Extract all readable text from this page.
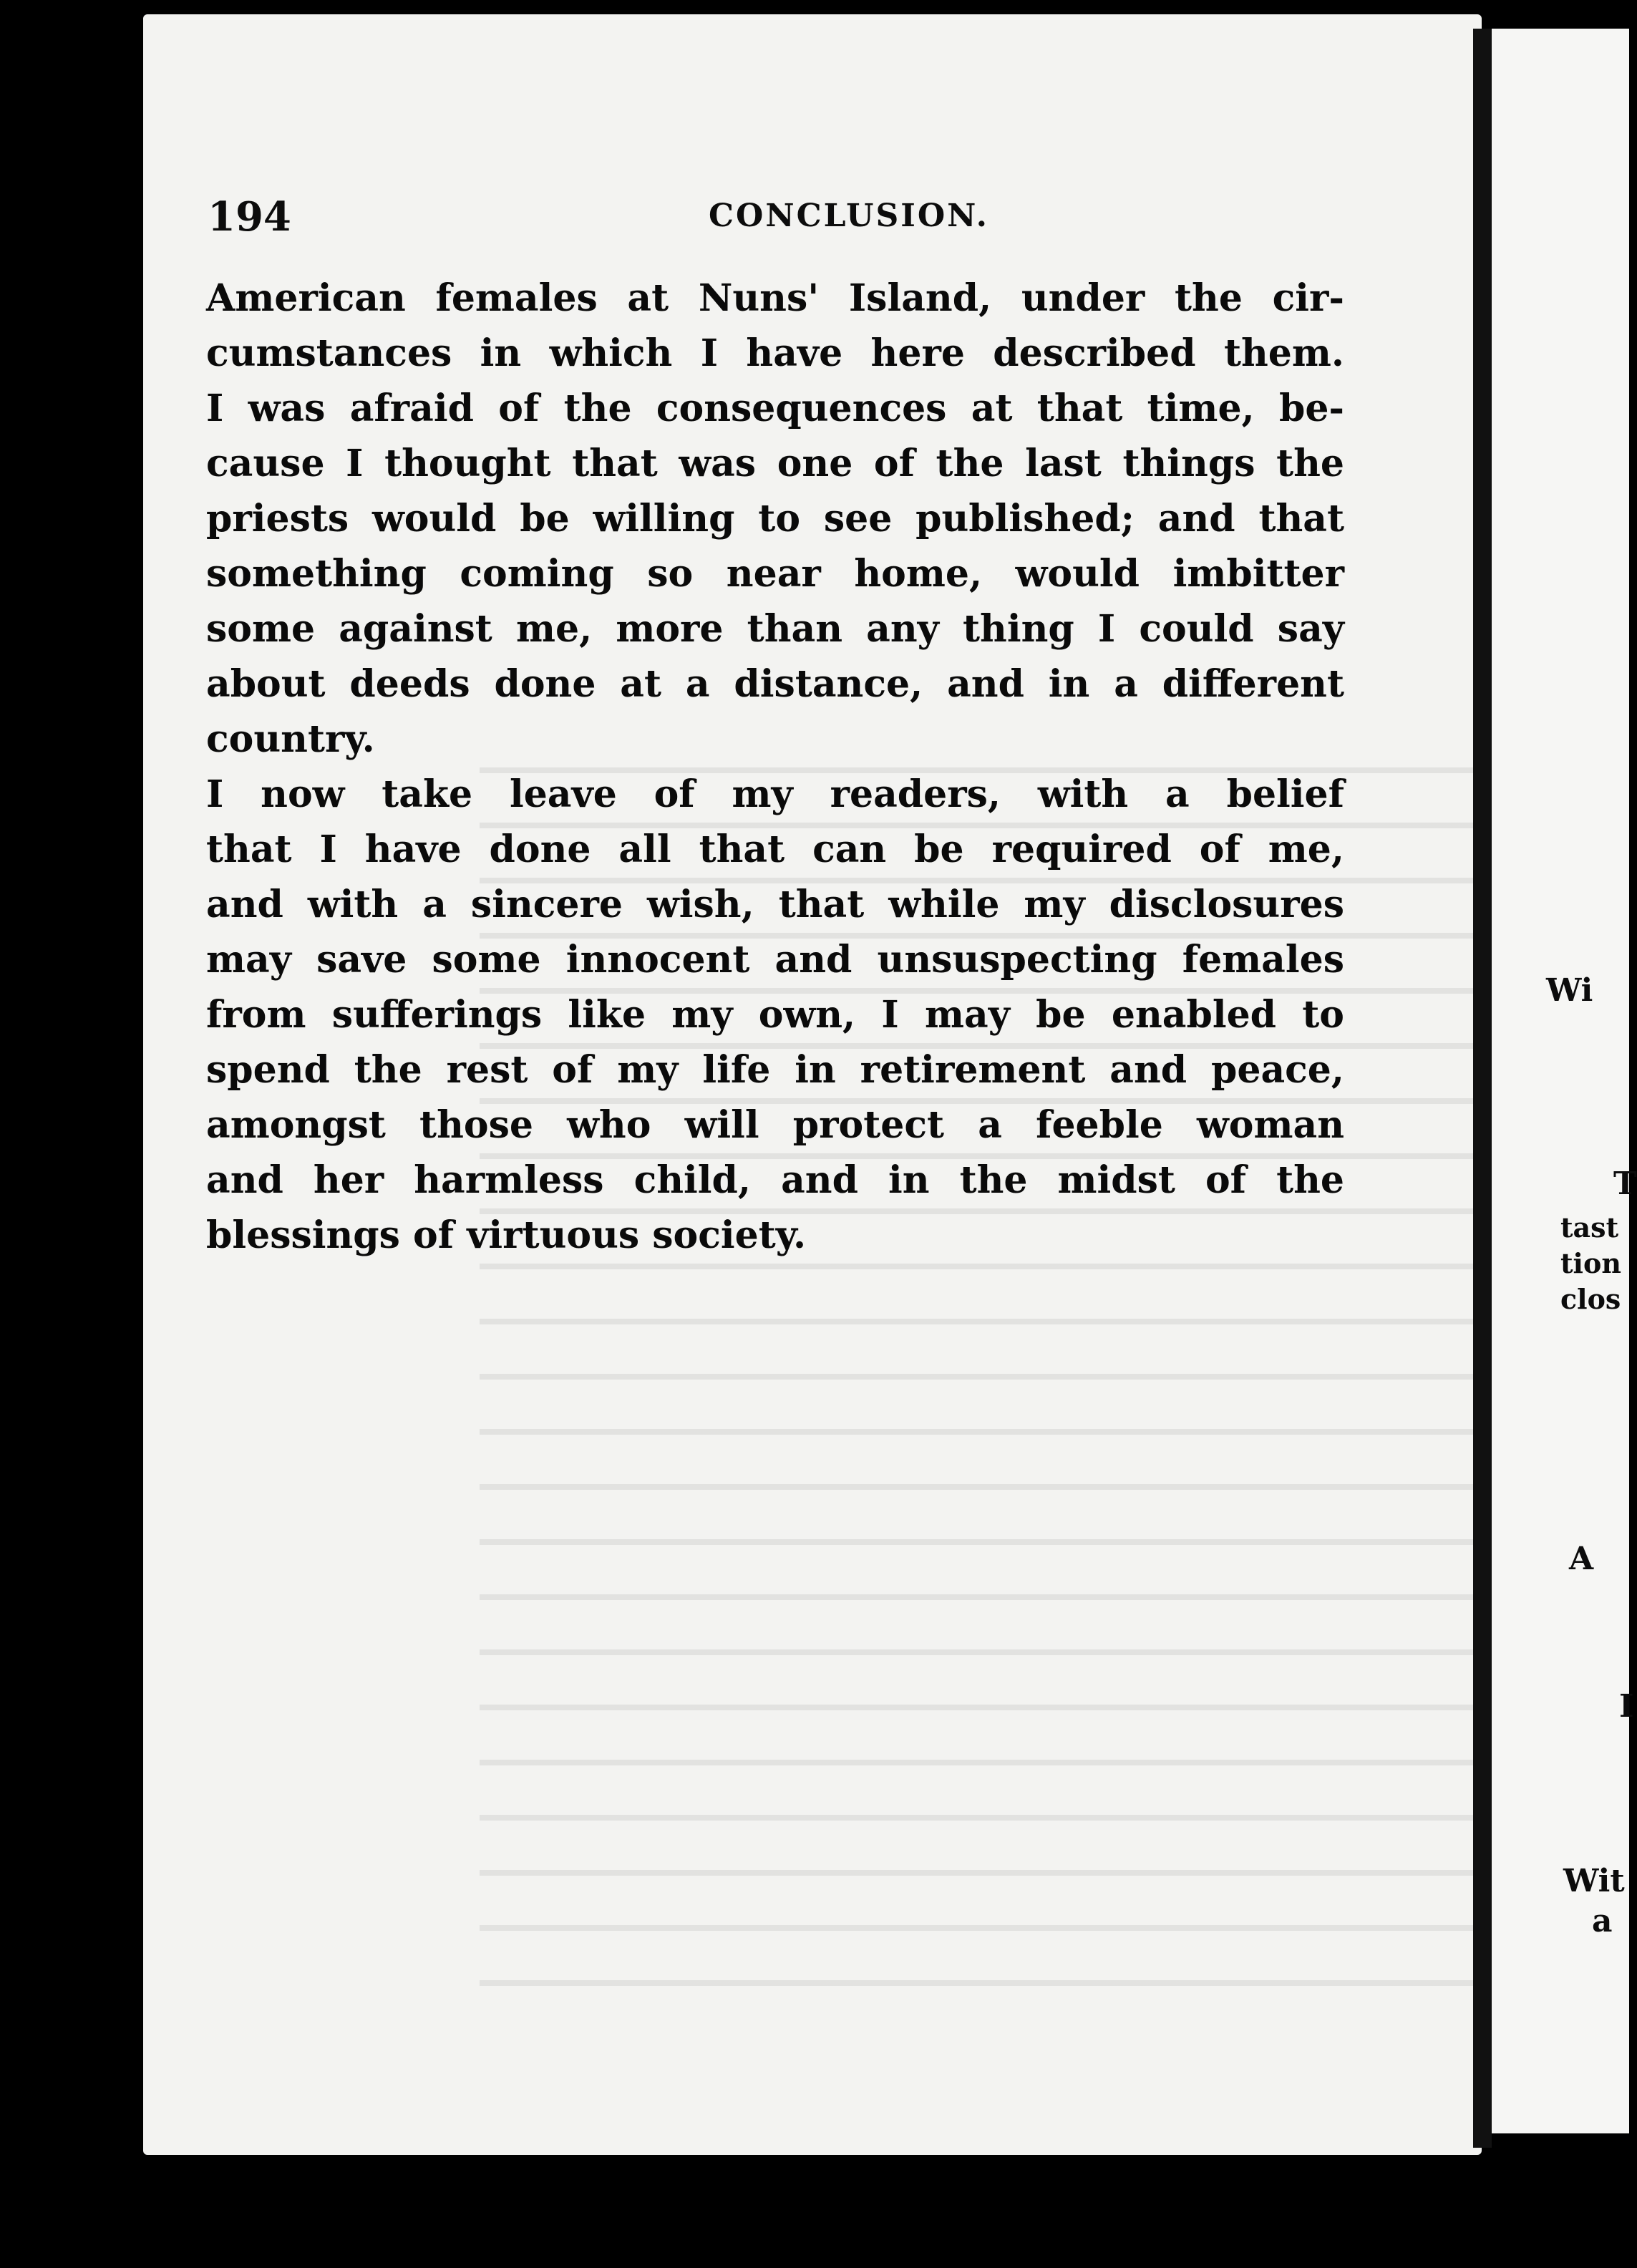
Wi
T
tast
tion
clos
A
I
Wit
a
194	CONCLUSION.
American females at Nuns' Island, under the cir-
cumstances in which I have here described them.
I was afraid of the consequences at that time, be-
cause I thought that was one of the last things the
priests would be willing to see published; and that
something coming so near home, would imbitter
some against me, more than any thing I could say
about deeds done at a distance, and in a different
country.
I now take leave of my readers, with a belief
that I have done all that can be required of me,
and with a sincere wish, that while my disclosures
may save some innocent and unsuspecting females
from sufferings like my own, I may be enabled to
spend the rest of my life in retirement and peace,
amongst those who will protect a feeble woman
and her harmless child, and in the midst of the
blessings of virtuous society.
